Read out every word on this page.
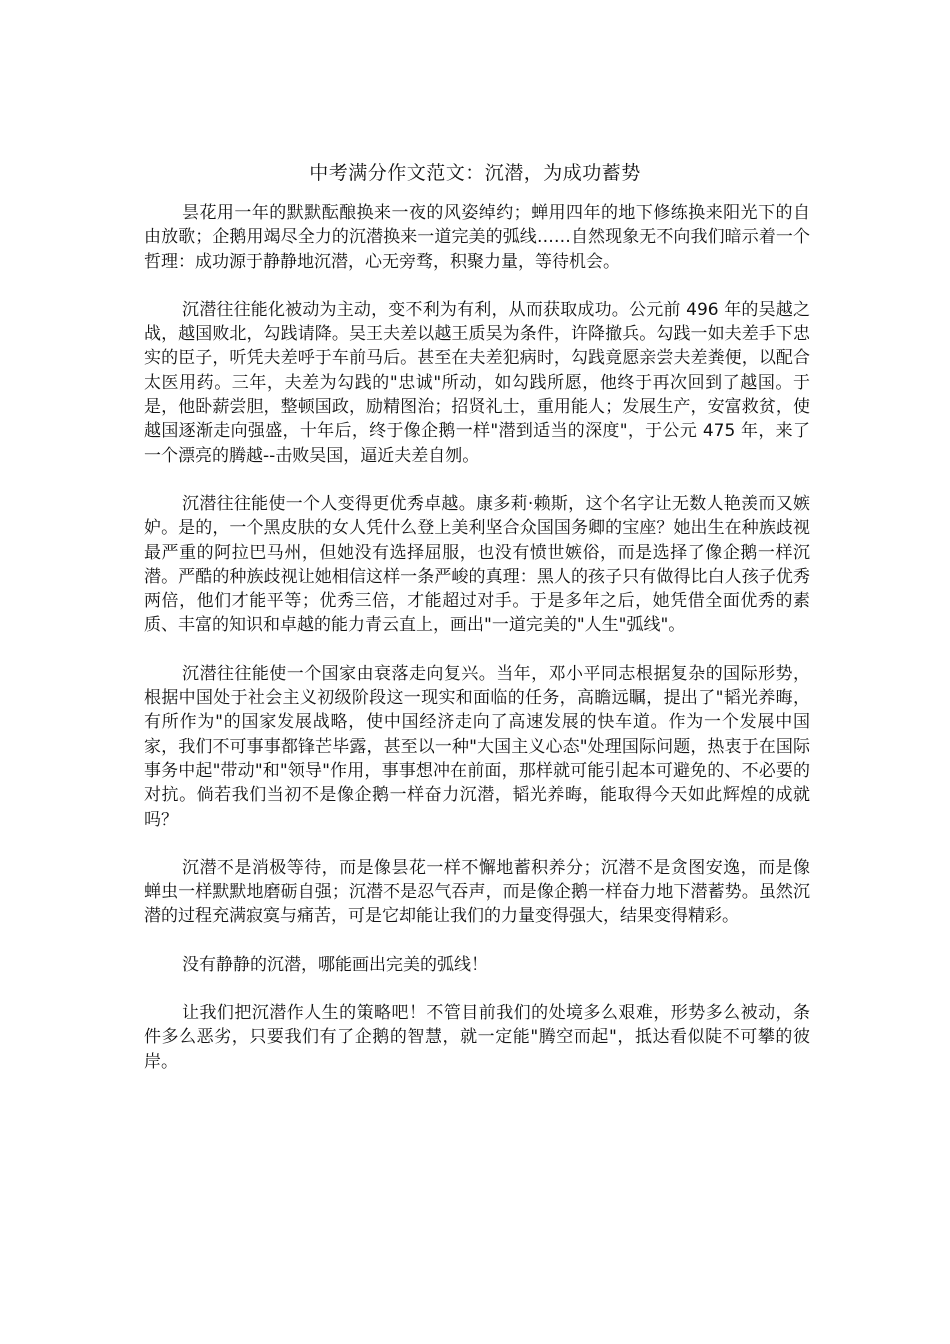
中考满分作文范文：沉潜，为成功蓄势

昙花用一年的默默酝酿换来一夜的风姿绰约；蝉用四年的地下修练换来阳光下的自由放歌；企鹅用竭尽全力的沉潜换来一道完美的弧线……自然现象无不向我们暗示着一个哲理：成功源于静静地沉潜，心无旁骛，积聚力量，等待机会。

沉潜往往能化被动为主动，变不利为有利，从而获取成功。公元前 496 年的吴越之战，越国败北，勾践请降。吴王夫差以越王质吴为条件，许降撤兵。勾践一如夫差手下忠实的臣子，听凭夫差呼于车前马后。甚至在夫差犯病时，勾践竟愿亲尝夫差粪便，以配合太医用药。三年，夫差为勾践的"忠诚"所动，如勾践所愿，他终于再次回到了越国。于是，他卧薪尝胆，整顿国政，励精图治；招贤礼士，重用能人；发展生产，安富救贫，使越国逐渐走向强盛，十年后，终于像企鹅一样"潜到适当的深度"，于公元 475 年，来了一个漂亮的腾越--击败吴国，逼近夫差自刎。

沉潜往往能使一个人变得更优秀卓越。康多莉·赖斯，这个名字让无数人艳羡而又嫉妒。是的，一个黑皮肤的女人凭什么登上美利坚合众国国务卿的宝座？她出生在种族歧视最严重的阿拉巴马州，但她没有选择屈服，也没有愤世嫉俗，而是选择了像企鹅一样沉潜。严酷的种族歧视让她相信这样一条严峻的真理：黑人的孩子只有做得比白人孩子优秀两倍，他们才能平等；优秀三倍，才能超过对手。于是多年之后，她凭借全面优秀的素质、丰富的知识和卓越的能力青云直上，画出"一道完美的"人生"弧线"。

沉潜往往能使一个国家由衰落走向复兴。当年，邓小平同志根据复杂的国际形势，根据中国处于社会主义初级阶段这一现实和面临的任务，高瞻远瞩，提出了"韬光养晦，有所作为"的国家发展战略，使中国经济走向了高速发展的快车道。作为一个发展中国家，我们不可事事都锋芒毕露，甚至以一种"大国主义心态"处理国际问题，热衷于在国际事务中起"带动"和"领导"作用，事事想冲在前面，那样就可能引起本可避免的、不必要的对抗。倘若我们当初不是像企鹅一样奋力沉潜，韬光养晦，能取得今天如此辉煌的成就吗？

沉潜不是消极等待，而是像昙花一样不懈地蓄积养分；沉潜不是贪图安逸，而是像蝉虫一样默默地磨砺自强；沉潜不是忍气吞声，而是像企鹅一样奋力地下潜蓄势。虽然沉潜的过程充满寂寞与痛苦，可是它却能让我们的力量变得强大，结果变得精彩。

没有静静的沉潜，哪能画出完美的弧线！

让我们把沉潜作人生的策略吧！不管目前我们的处境多么艰难，形势多么被动，条件多么恶劣，只要我们有了企鹅的智慧，就一定能"腾空而起"，抵达看似陡不可攀的彼岸。
